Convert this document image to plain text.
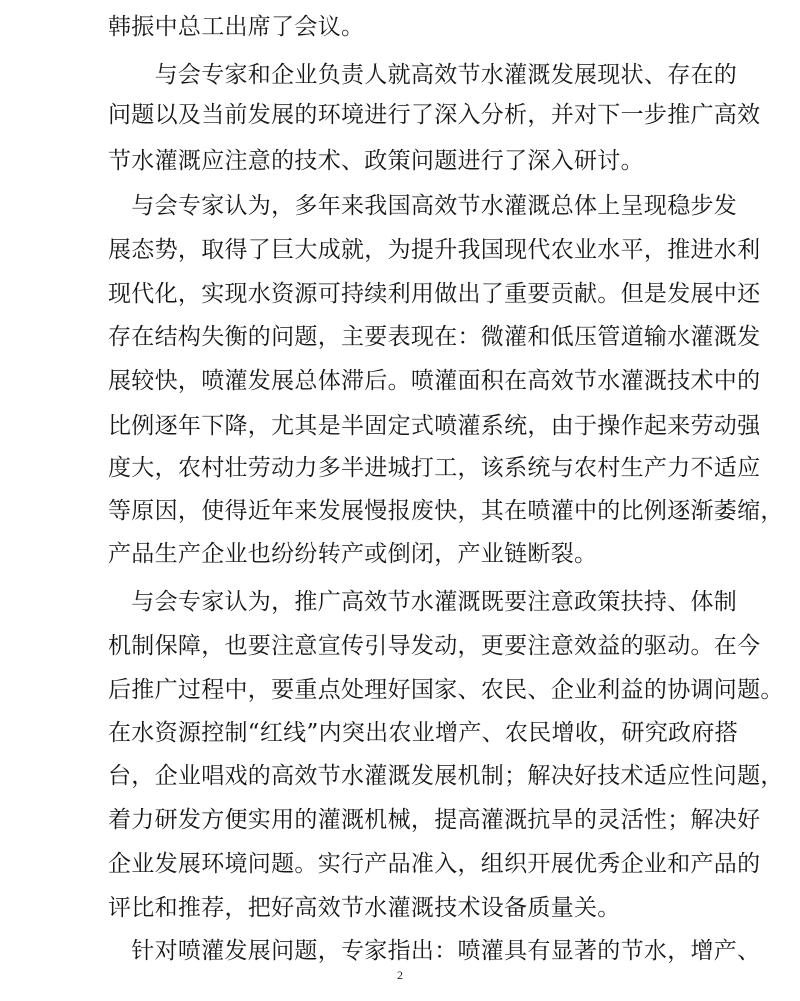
韩振中总工出席了会议。
　　与会专家和企业负责人就高效节水灌溉发展现状、存在的
问题以及当前发展的环境进行了深入分析，并对下一步推广高效
节水灌溉应注意的技术、政策问题进行了深入研讨。
　与会专家认为，多年来我国高效节水灌溉总体上呈现稳步发
展态势，取得了巨大成就，为提升我国现代农业水平，推进水利
现代化，实现水资源可持续利用做出了重要贡献。但是发展中还
存在结构失衡的问题，主要表现在：微灌和低压管道输水灌溉发
展较快，喷灌发展总体滞后。喷灌面积在高效节水灌溉技术中的
比例逐年下降，尤其是半固定式喷灌系统，由于操作起来劳动强
度大，农村壮劳动力多半进城打工，该系统与农村生产力不适应
等原因，使得近年来发展慢报废快，其在喷灌中的比例逐渐萎缩，
产品生产企业也纷纷转产或倒闭，产业链断裂。
　与会专家认为，推广高效节水灌溉既要注意政策扶持、体制
机制保障，也要注意宣传引导发动，更要注意效益的驱动。在今
后推广过程中，要重点处理好国家、农民、企业利益的协调问题。
在水资源控制“红线”内突出农业增产、农民增收，研究政府搭
台，企业唱戏的高效节水灌溉发展机制；解决好技术适应性问题，
着力研发方便实用的灌溉机械，提高灌溉抗旱的灵活性；解决好
企业发展环境问题。实行产品准入，组织开展优秀企业和产品的
评比和推荐，把好高效节水灌溉技术设备质量关。
　针对喷灌发展问题，专家指出：喷灌具有显著的节水，增产、
2
